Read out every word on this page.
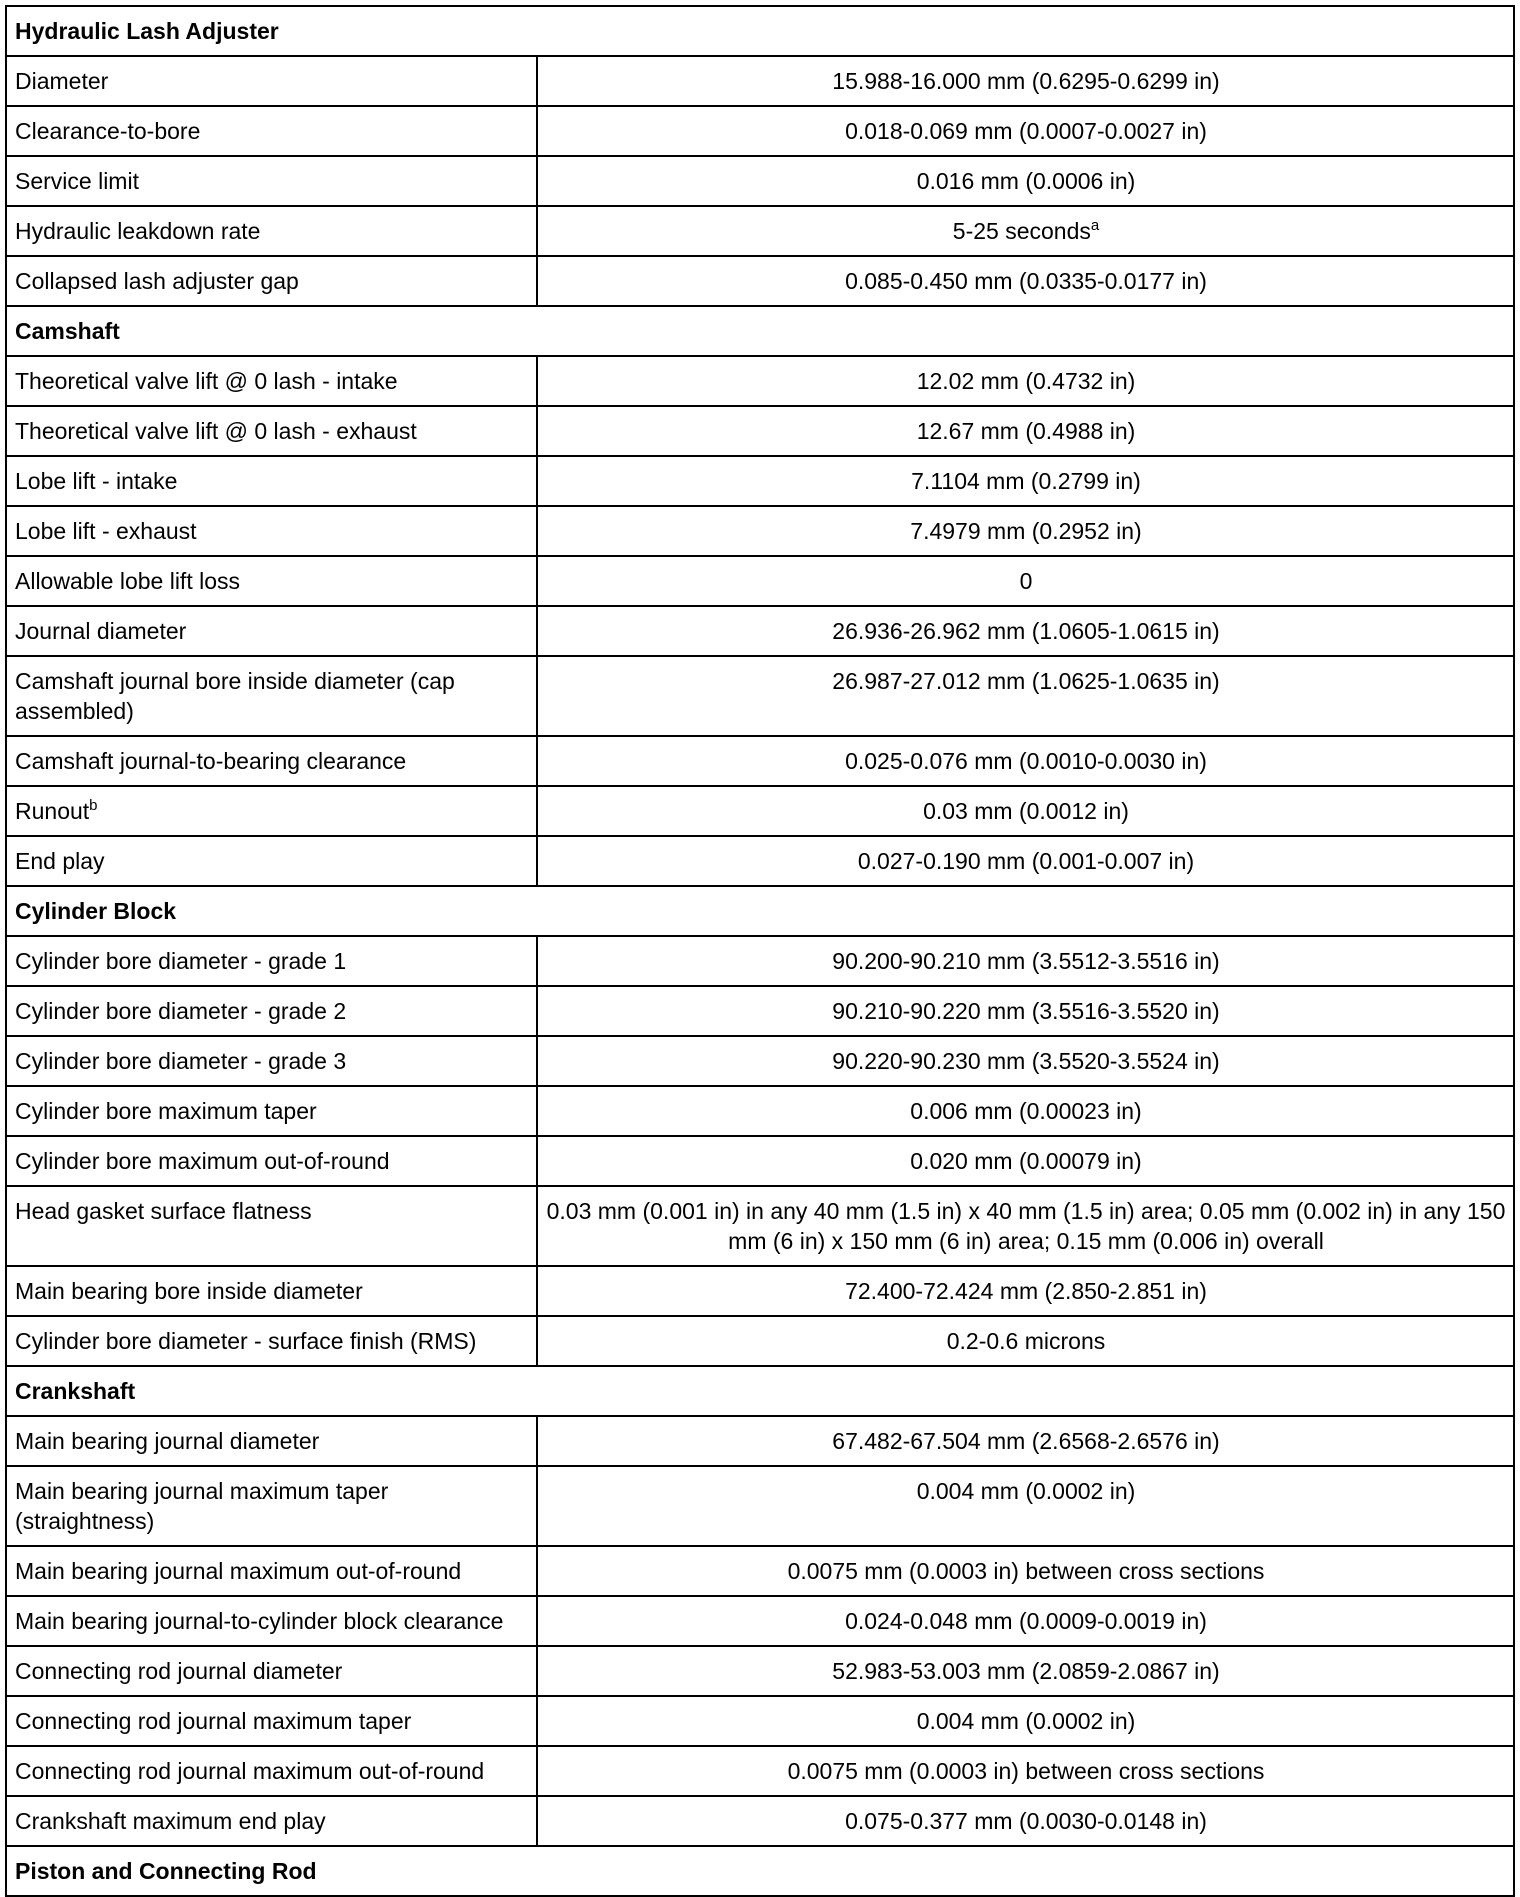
Hydraulic Lash Adjuster	
Diameter	15.988-16.000 mm (0.6295-0.6299 in)
Clearance-to-bore	0.018-0.069 mm (0.0007-0.0027 in)
Service limit	0.016 mm (0.0006 in)
Hydraulic leakdown rate	5-25 seconds$^a$
Collapsed lash adjuster gap	0.085-0.450 mm (0.0335-0.0177 in)
Camshaft	
Theoretical valve lift @ 0 lash - intake	12.02 mm (0.4732 in)
Theoretical valve lift @ 0 lash - exhaust	12.67 mm (0.4988 in)
Lobe lift - intake	7.1104 mm (0.2799 in)
Lobe lift - exhaust	7.4979 mm (0.2952 in)
Allowable lobe lift loss	0
Journal diameter	26.936-26.962 mm (1.0605-1.0615 in)
Camshaft journal bore inside diameter (cap assembled)	26.987-27.012 mm (1.0625-1.0635 in)
Camshaft journal-to-bearing clearance	0.025-0.076 mm (0.0010-0.0030 in)
Runout$^b$	0.03 mm (0.0012 in)
End play	0.027-0.190 mm (0.001-0.007 in)
Cylinder Block	
Cylinder bore diameter - grade 1	90.200-90.210 mm (3.5512-3.5516 in)
Cylinder bore diameter - grade 2	90.210-90.220 mm (3.5516-3.5520 in)
Cylinder bore diameter - grade 3	90.220-90.230 mm (3.5520-3.5524 in)
Cylinder bore maximum taper	0.006 mm (0.00023 in)
Cylinder bore maximum out-of-round	0.020 mm (0.00079 in)
Head gasket surface flatness	0.03 mm (0.001 in) in any 40 mm (1.5 in) x 40 mm (1.5 in) area; 0.05 mm (0.002 in) in any 150 mm (6 in) x 150 mm (6 in) area; 0.15 mm (0.006 in) overall
Main bearing bore inside diameter	72.400-72.424 mm (2.850-2.851 in)
Cylinder bore diameter - surface finish (RMS)	0.2-0.6 microns
Crankshaft	
Main bearing journal diameter	67.482-67.504 mm (2.6568-2.6576 in)
Main bearing journal maximum taper (straightness)	0.004 mm (0.0002 in)
Main bearing journal maximum out-of-round	0.0075 mm (0.0003 in) between cross sections
Main bearing journal-to-cylinder block clearance	0.024-0.048 mm (0.0009-0.0019 in)
Connecting rod journal diameter	52.983-53.003 mm (2.0859-2.0867 in)
Connecting rod journal maximum taper	0.004 mm (0.0002 in)
Connecting rod journal maximum out-of-round	0.0075 mm (0.0003 in) between cross sections
Crankshaft maximum end play	0.075-0.377 mm (0.0030-0.0148 in)
Piston and Connecting Rod	
